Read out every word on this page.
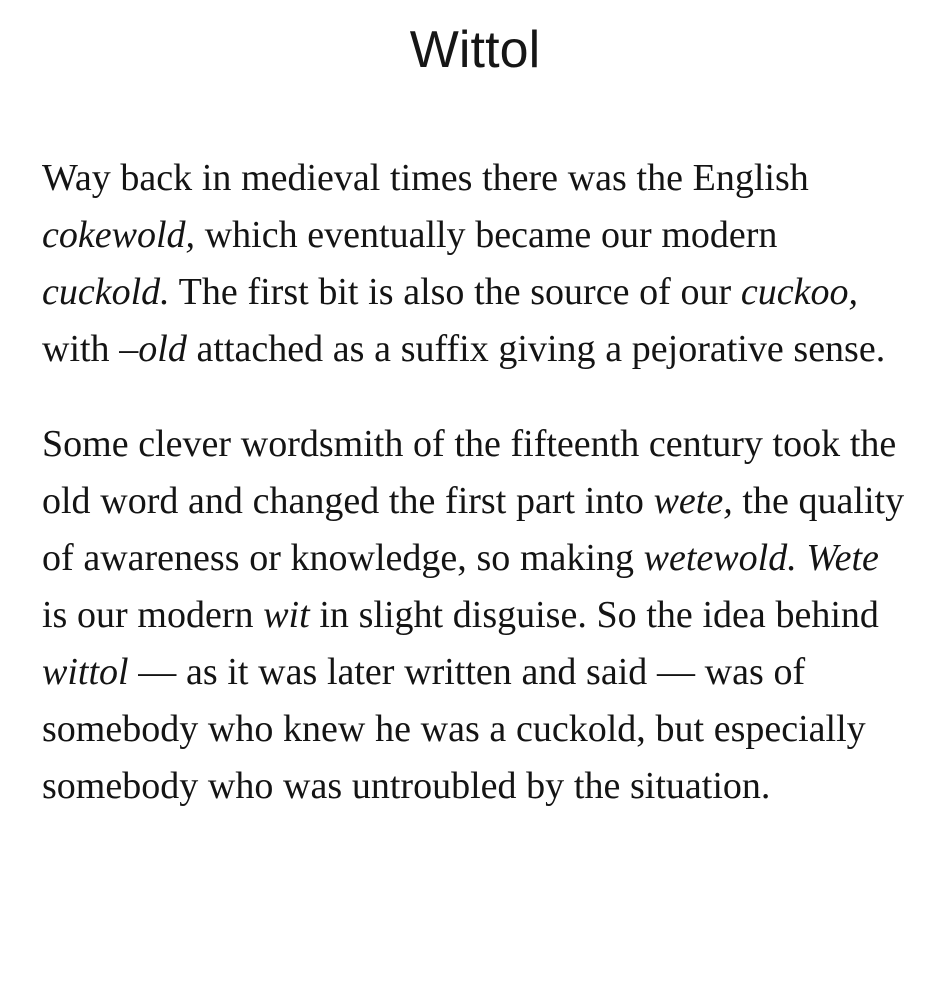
Wittol

Way back in medieval times there was the English cokewold, which eventually became our modern cuckold. The first bit is also the source of our cuckoo, with –old attached as a suffix giving a pejorative sense.

Some clever wordsmith of the fifteenth century took the old word and changed the first part into wete, the quality of awareness or knowledge, so making wetewold. Wete is our modern wit in slight disguise. So the idea behind wittol — as it was later written and said — was of somebody who knew he was a cuckold, but especially somebody who was untroubled by the situation.
